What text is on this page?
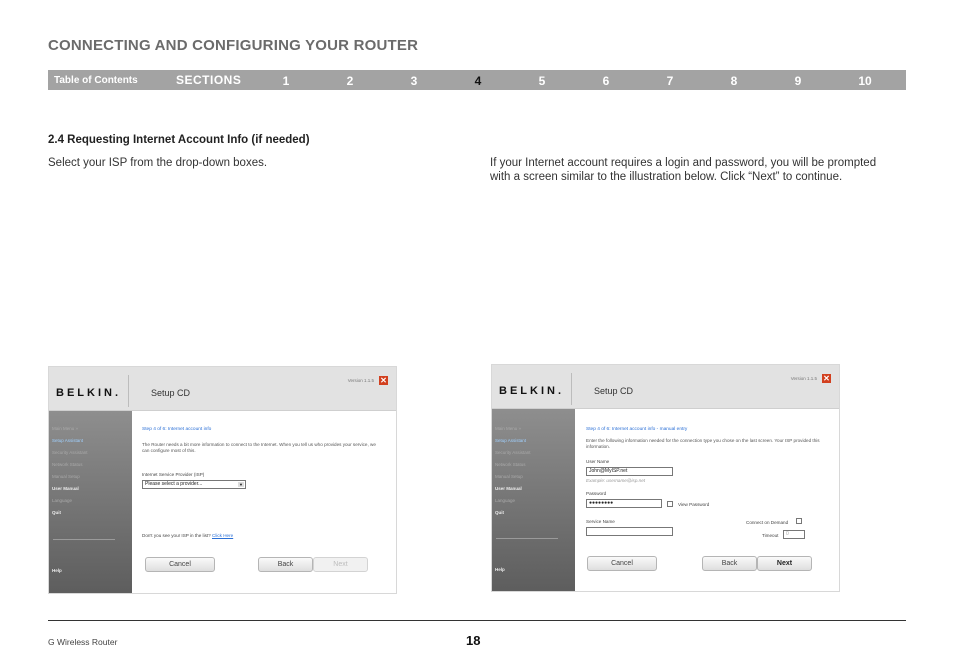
CONNECTING AND CONFIGURING YOUR ROUTER
Table of Contents	SECTIONS	1	2	3	4	5	6	7	8	9	10
2.4 Requesting Internet Account Info (if needed)
Select your ISP from the drop-down boxes.	If your Internet account requires a login and password, you will be prompted with a screen similar to the illustration below. Click “Next” to continue.
BELKIN.	Setup CD
Version 1.1.5 ✕
Main Menu »
Setup Assistant
Security Assistant
Network Status
Manual Setup
User Manual
Language
Quit
Help
Step 4 of 6: Internet account info
The Router needs a bit more information to connect to the Internet. When you tell us who provides your service, we can configure most of this.
Internet Service Provider (ISP)
Please select a provider...	▼
Don't you see your ISP in the list? Click Here
Cancel	Back	Next
BELKIN.	Setup CD
Version 1.1.5 ✕
Main Menu »
Setup Assistant
Security Assistant
Network Status
Manual Setup
User Manual
Language
Quit
Help
Step 4 of 6: Internet account info - manual entry
Enter the following information needed for the connection type you chose on the last screen. Your ISP provided this information.
User Name
John@MyISP.net
Example: username@isp.net
Password
●●●●●●●●	View Password
Service Name	Connect on Demand
Timeout	0
Cancel	Back	Next
G Wireless Router	18
